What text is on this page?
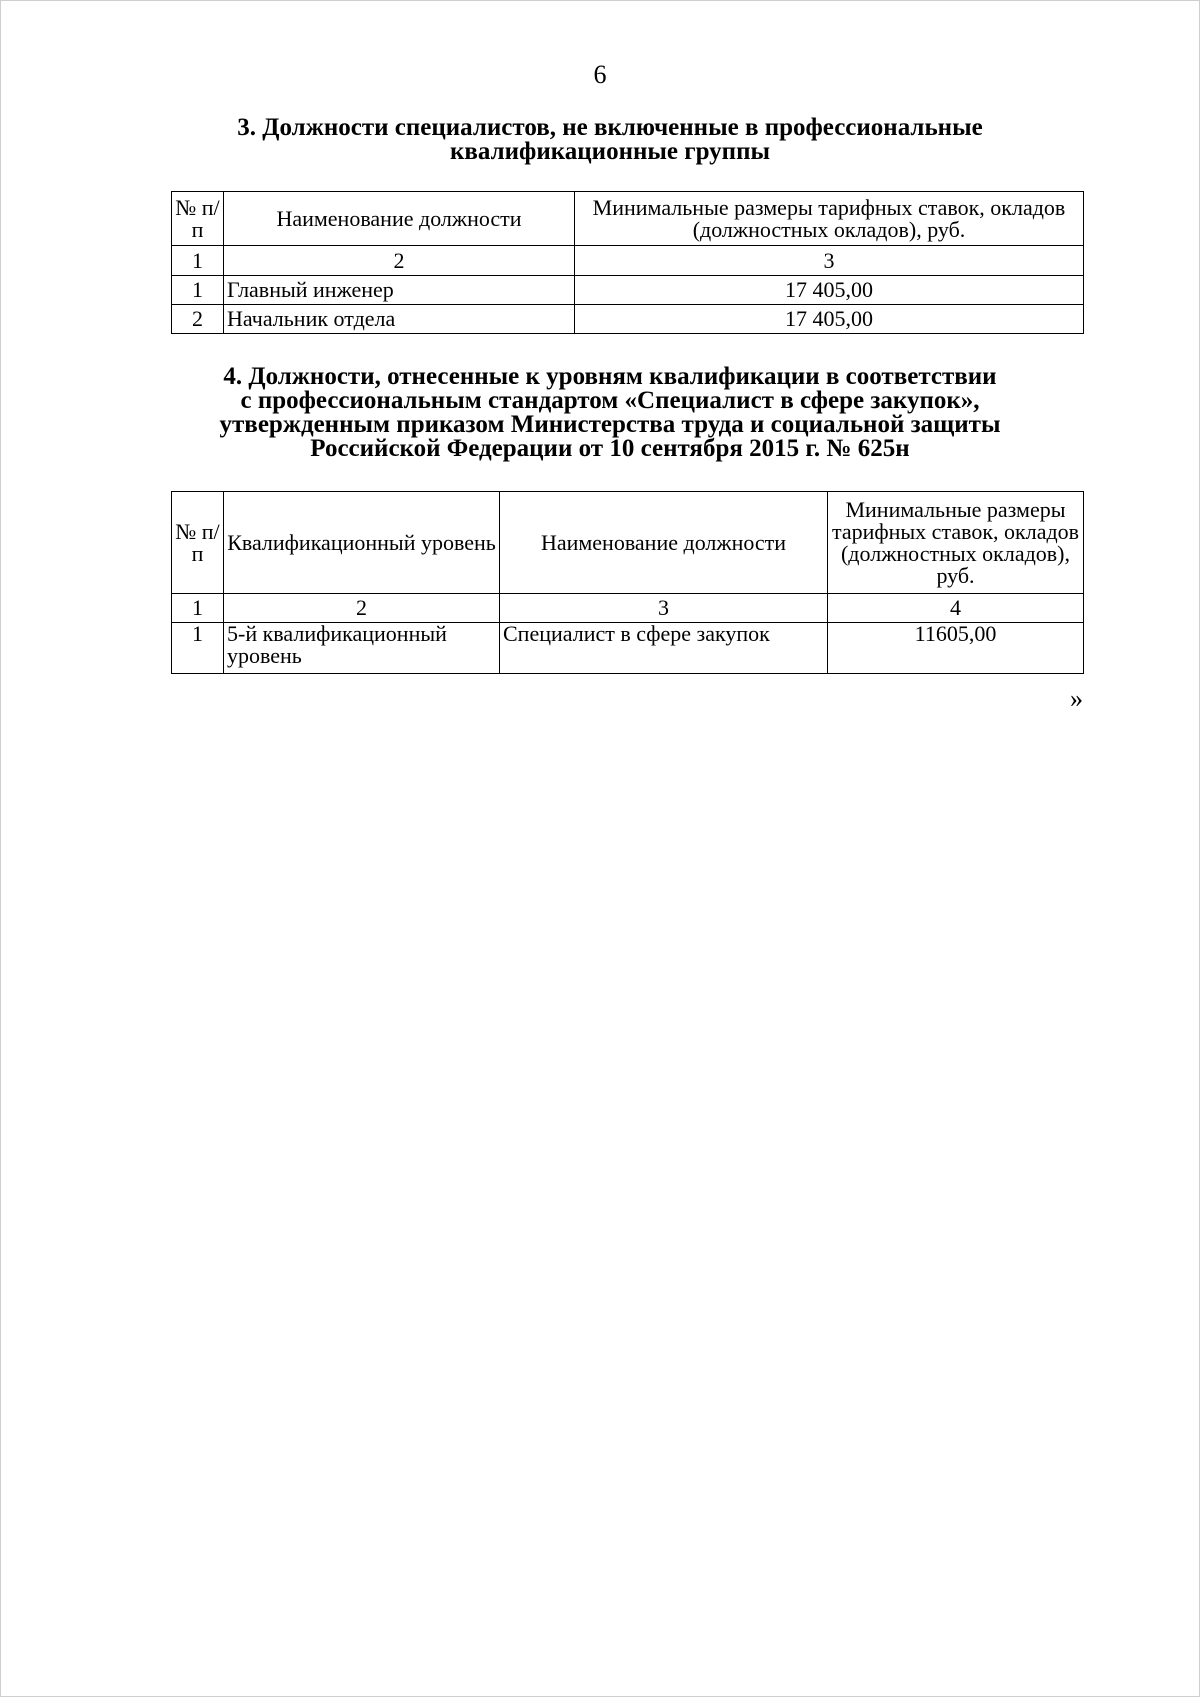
6
3. Должности специалистов, не включенные в профессиональные
квалификационные группы
№ п/п	Наименование должности	Минимальные размеры тарифных ставок, окладов (должностных окладов), руб.
1	2	3
1	Главный инженер	17 405,00
2	Начальник отдела	17 405,00
4. Должности, отнесенные к уровням квалификации в соответствии
с профессиональным стандартом «Специалист в сфере закупок»,
утвержденным приказом Министерства труда и социальной защиты
Российской Федерации от 10 сентября 2015 г. № 625н
№ п/п	Квалификационный уровень	Наименование должности	Минимальные размеры тарифных ставок, окладов (должностных окладов), руб.
1	2	3	4
1	5-й квалификационный уровень	Специалист в сфере закупок	11605,00
»
